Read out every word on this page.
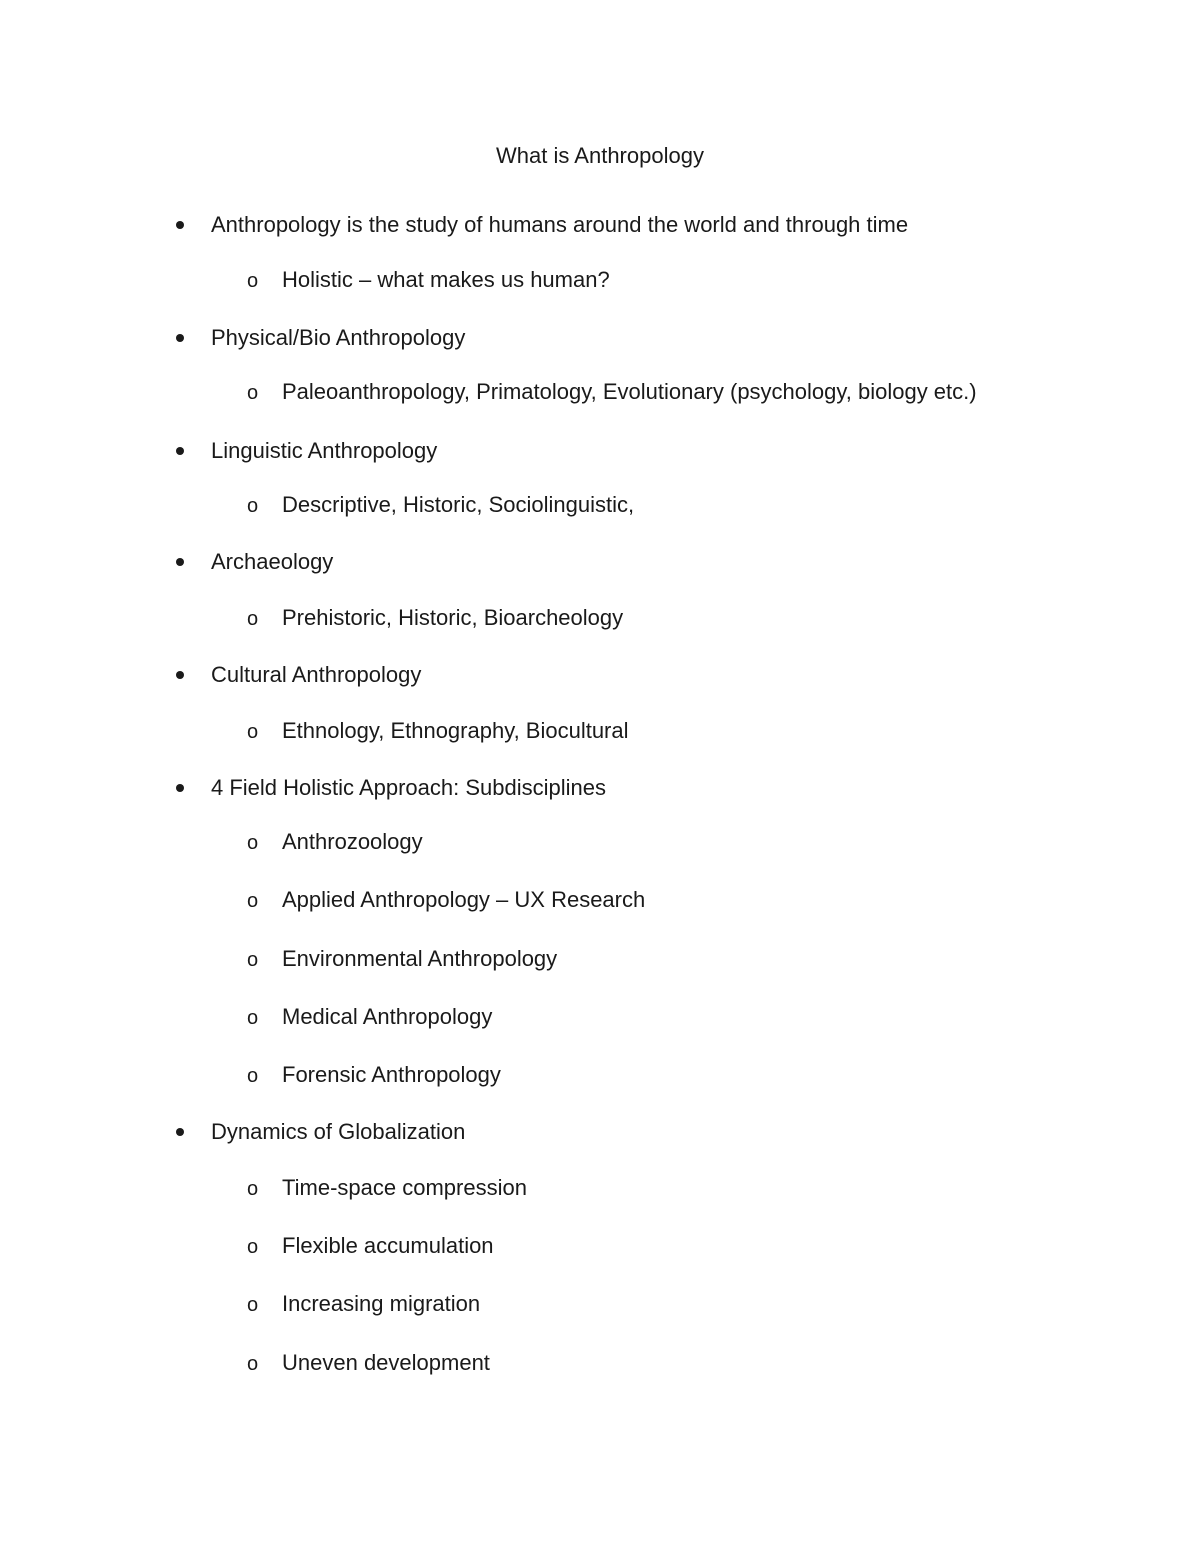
What is Anthropology
Anthropology is the study of humans around the world and through time
o Holistic – what makes us human?
Physical/Bio Anthropology
o Paleoanthropology, Primatology, Evolutionary (psychology, biology etc.)
Linguistic Anthropology
o Descriptive, Historic, Sociolinguistic,
Archaeology
o Prehistoric, Historic, Bioarcheology
Cultural Anthropology
o Ethnology, Ethnography, Biocultural
4 Field Holistic Approach: Subdisciplines
o Anthrozoology
o Applied Anthropology – UX Research
o Environmental Anthropology
o Medical Anthropology
o Forensic Anthropology
Dynamics of Globalization
o Time-space compression
o Flexible accumulation
o Increasing migration
o Uneven development
